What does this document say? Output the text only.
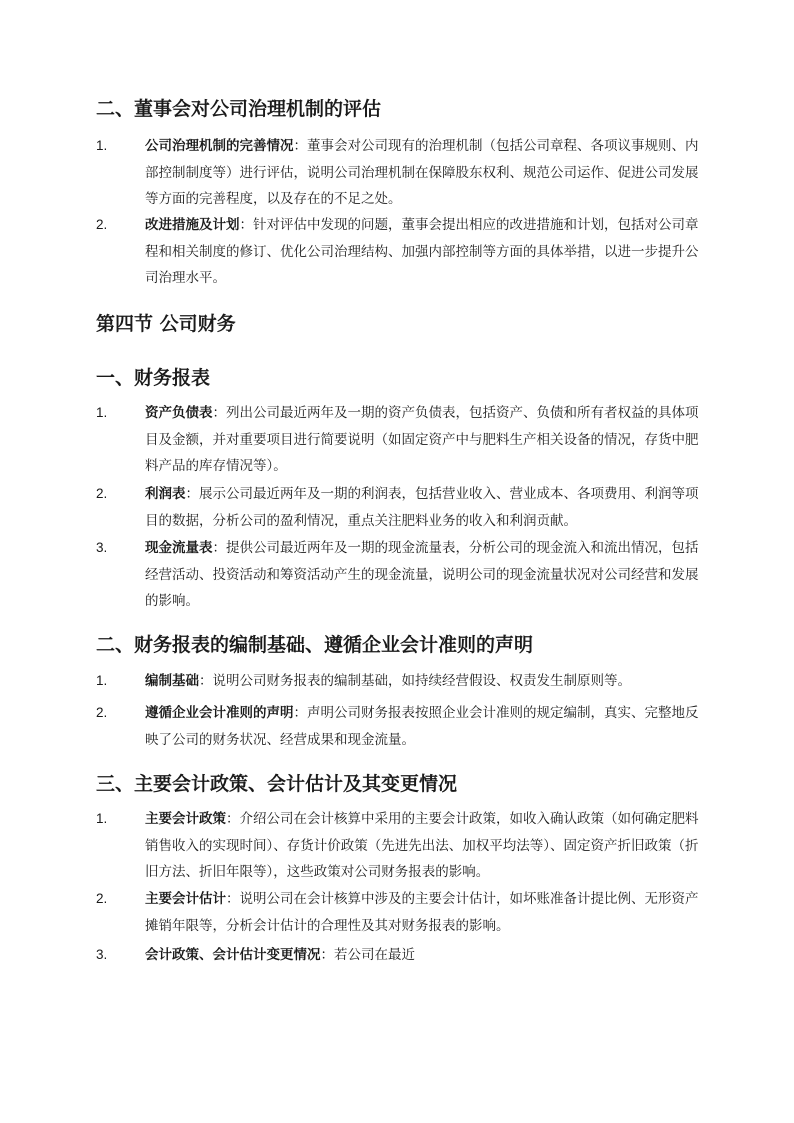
二、董事会对公司治理机制的评估
1.	公司治理机制的完善情况：董事会对公司现有的治理机制（包括公司章程、各项议事规则、内部控制制度等）进行评估，说明公司治理机制在保障股东权利、规范公司运作、促进公司发展等方面的完善程度，以及存在的不足之处。
2.	改进措施及计划：针对评估中发现的问题，董事会提出相应的改进措施和计划，包括对公司章程和相关制度的修订、优化公司治理结构、加强内部控制等方面的具体举措，以进一步提升公司治理水平。
第四节 公司财务
一、财务报表
1.	资产负债表：列出公司最近两年及一期的资产负债表，包括资产、负债和所有者权益的具体项目及金额，并对重要项目进行简要说明（如固定资产中与肥料生产相关设备的情况，存货中肥料产品的库存情况等）。
2.	利润表：展示公司最近两年及一期的利润表，包括营业收入、营业成本、各项费用、利润等项目的数据，分析公司的盈利情况，重点关注肥料业务的收入和利润贡献。
3.	现金流量表：提供公司最近两年及一期的现金流量表，分析公司的现金流入和流出情况，包括经营活动、投资活动和筹资活动产生的现金流量，说明公司的现金流量状况对公司经营和发展的影响。
二、财务报表的编制基础、遵循企业会计准则的声明
1.	编制基础：说明公司财务报表的编制基础，如持续经营假设、权责发生制原则等。
2.	遵循企业会计准则的声明：声明公司财务报表按照企业会计准则的规定编制，真实、完整地反映了公司的财务状况、经营成果和现金流量。
三、主要会计政策、会计估计及其变更情况
1.	主要会计政策：介绍公司在会计核算中采用的主要会计政策，如收入确认政策（如何确定肥料销售收入的实现时间）、存货计价政策（先进先出法、加权平均法等）、固定资产折旧政策（折旧方法、折旧年限等），这些政策对公司财务报表的影响。
2.	主要会计估计：说明公司在会计核算中涉及的主要会计估计，如坏账准备计提比例、无形资产摊销年限等，分析会计估计的合理性及其对财务报表的影响。
3.	会计政策、会计估计变更情况：若公司在最近
